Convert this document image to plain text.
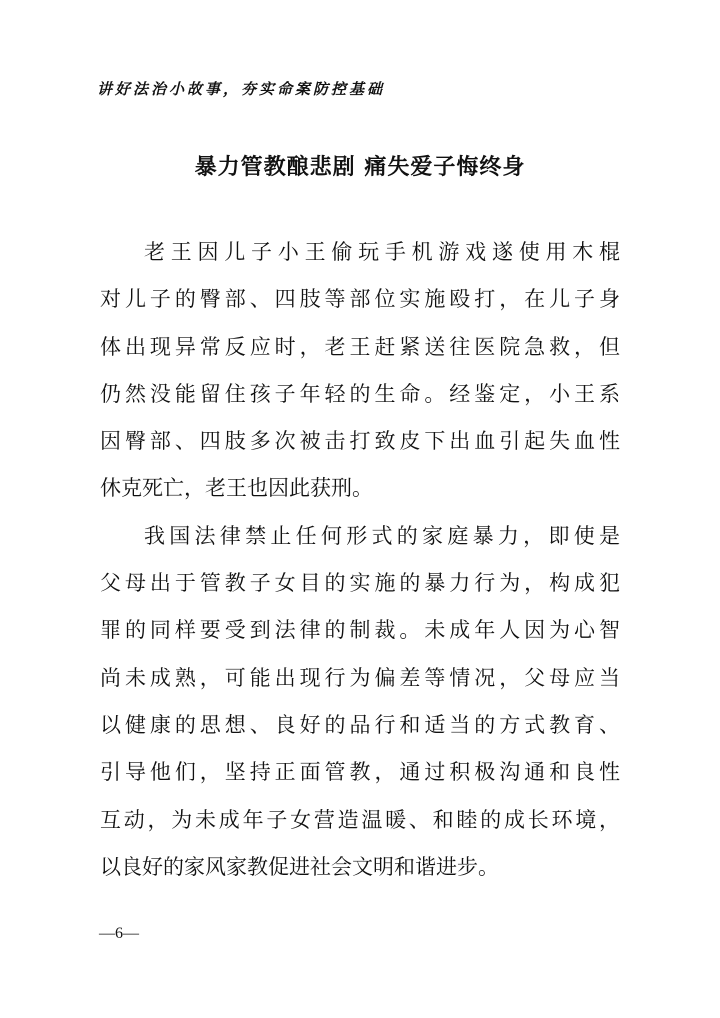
讲好法治小故事，夯实命案防控基础
暴力管教酿悲剧 痛失爱子悔终身
老王因儿子小王偷玩手机游戏遂使用木棍
对儿子的臀部、四肢等部位实施殴打，在儿子身
体出现异常反应时，老王赶紧送往医院急救，但
仍然没能留住孩子年轻的生命。经鉴定，小王系
因臀部、四肢多次被击打致皮下出血引起失血性
休克死亡，老王也因此获刑。
我国法律禁止任何形式的家庭暴力，即使是
父母出于管教子女目的实施的暴力行为，构成犯
罪的同样要受到法律的制裁。未成年人因为心智
尚未成熟，可能出现行为偏差等情况，父母应当
以健康的思想、良好的品行和适当的方式教育、
引导他们，坚持正面管教，通过积极沟通和良性
互动，为未成年子女营造温暖、和睦的成长环境，
以良好的家风家教促进社会文明和谐进步。
—6—
